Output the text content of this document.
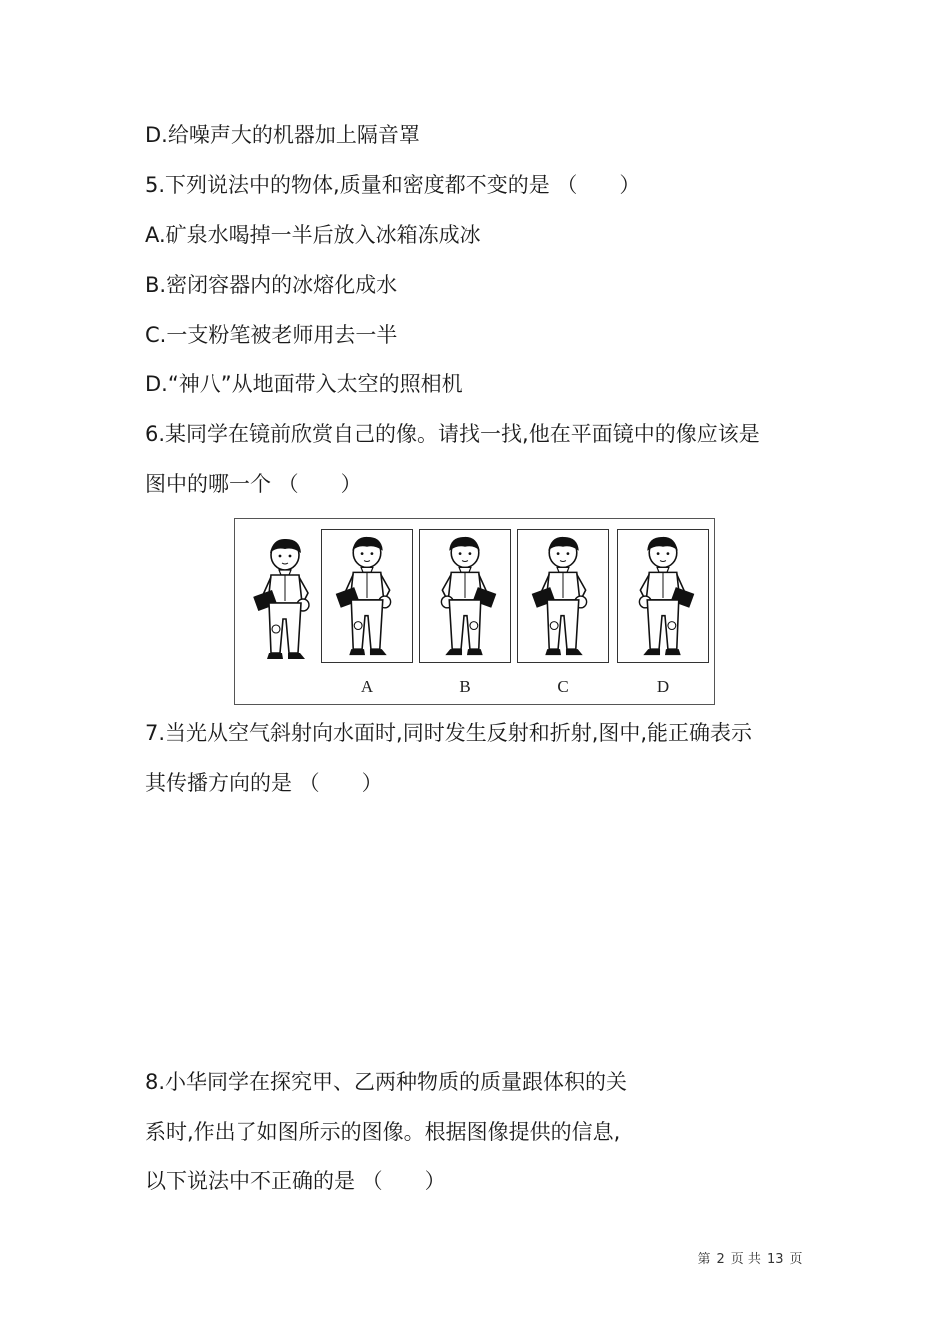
D.给噪声大的机器加上隔音罩
5.下列说法中的物体,质量和密度都不变的是 （　　）
A.矿泉水喝掉一半后放入冰箱冻成冰
B.密闭容器内的冰熔化成水
C.一支粉笔被老师用去一半
D.“神八”从地面带入太空的照相机
6.某同学在镜前欣赏自己的像。请找一找,他在平面镜中的像应该是
图中的哪一个 （　　）
7.当光从空气斜射向水面时,同时发生反射和折射,图中,能正确表示
其传播方向的是 （　　）
8.小华同学在探究甲、乙两种物质的质量跟体积的关
系时,作出了如图所示的图像。根据图像提供的信息,
以下说法中不正确的是 （　　）
A	B	C	D
第 2 页 共 13 页
